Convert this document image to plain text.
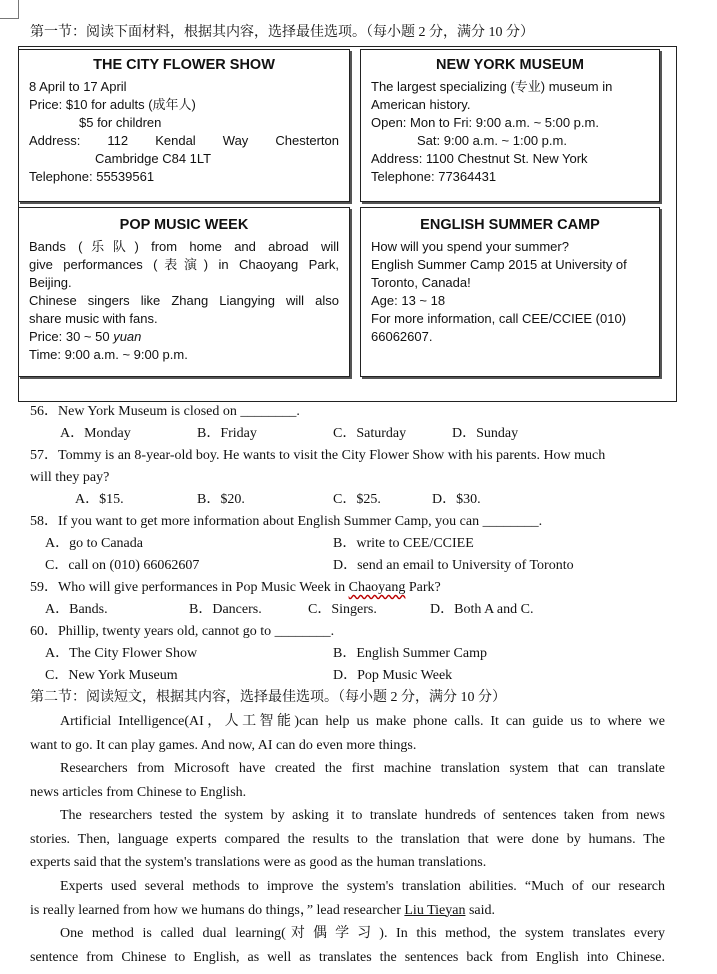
第一节：阅读下面材料，根据其内容，选择最佳选项。（每小题 2 分，满分 10 分）
THE CITY FLOWER SHOW

8 April to 17 April

Price: $10 for adults (成年人)

$5 for children

Address: 112 Kendal Way Chesterton

Cambridge C84 1LT

Telephone: 55539561

NEW YORK MUSEUM

The largest specializing (专业) museum in

American history.

Open: Mon to Fri: 9:00 a.m. ~ 5:00 p.m.

Sat: 9:00 a.m. ~ 1:00 p.m.

Address: 1100 Chestnut St. New York

Telephone: 77364431

POP MUSIC WEEK

Bands (乐队) from home and abroad will

give performances (表演) in Chaoyang Park,

Beijing.

Chinese singers like Zhang Liangying will also

share music with fans.

Price: 30 ~ 50 yuan

Time: 9:00 a.m. ~ 9:00 p.m.

ENGLISH SUMMER CAMP

How will you spend your summer?

English Summer Camp 2015 at University of

Toronto, Canada!

Age: 13 ~ 18

For more information, call CEE/CCIEE (010)

66062607.

56．New York Museum is closed on ________.
A．Monday	B．Friday	C．Saturday	D．Sunday
57．Tommy is an 8-year-old boy. He wants to visit the City Flower Show with his parents. How much
will they pay?
A．$15.	B．$20.	C．$25.	D．$30.
58．If you want to get more information about English Summer Camp, you can ________.
A．go to Canada	B．write to CEE/CCIEE
C．call on (010) 66062607	D．send an email to University of Toronto
59．Who will give performances in Pop Music Week in Chaoyang Park?
A．Bands.	B．Dancers.	C．Singers.	D．Both A and C.
60．Phillip, twenty years old, cannot go to ________.
A．The City Flower Show	B．English Summer Camp
C．New York Museum	D．Pop Music Week
第二节：阅读短文，根据其内容，选择最佳选项。（每小题 2 分，满分 10 分）
Artificial Intelligence(AI，人工智能)can help us make phone calls. It can guide us to where we
want to go. It can play games. And now, AI can do even more things.
Researchers from Microsoft have created the first machine translation system that can translate
news articles from Chinese to English.
The researchers tested the system by asking it to translate hundreds of sentences taken from news
stories. Then, language experts compared the results to the translation that were done by humans. The
experts said that the system's translations were as good as the human translations.
Experts used several methods to improve the system's translation abilities. “Much of our research
is really learned from how we humans do things，” lead researcher Liu Tieyan said.
One method is called dual learning(对偶学习). In this method, the system translates every
sentence from Chinese to English, as well as translates the sentences back from English into Chinese.
